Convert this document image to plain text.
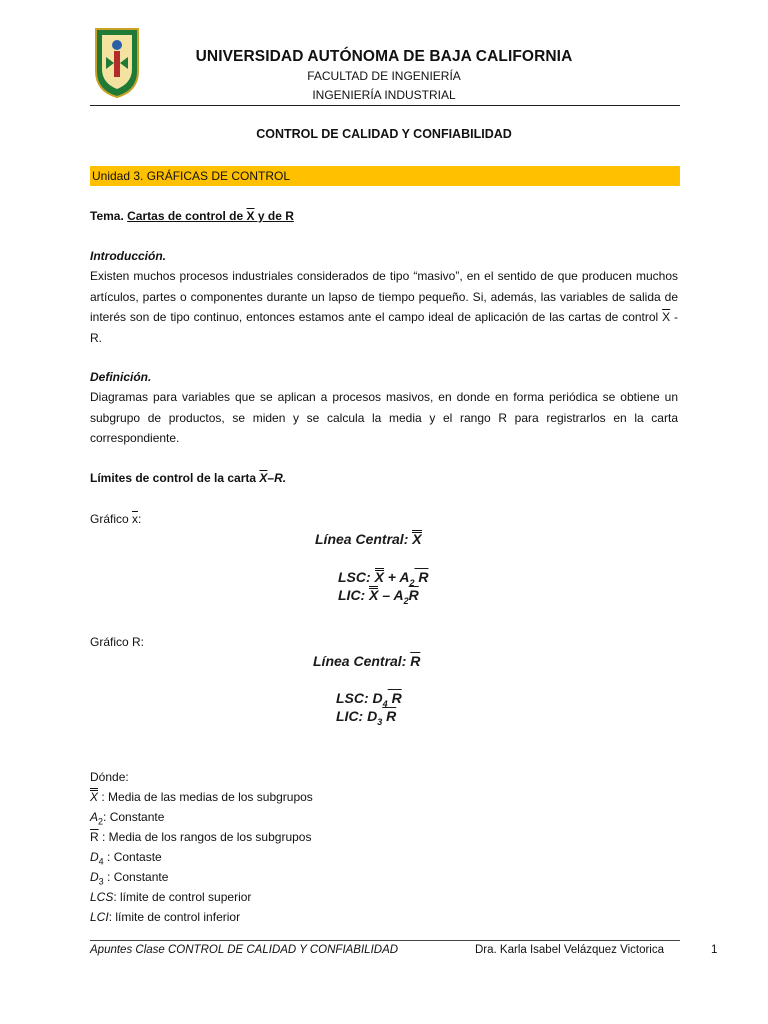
UNIVERSIDAD AUTÓNOMA DE BAJA CALIFORNIA
FACULTAD DE INGENIERÍA
INGENIERÍA INDUSTRIAL
CONTROL DE CALIDAD Y CONFIABILIDAD
Unidad 3. GRÁFICAS DE CONTROL
Tema. Cartas de control de X y de R
Introducción.
Existen muchos procesos industriales considerados de tipo “masivo”, en el sentido de que producen muchos artículos, partes o componentes durante un lapso de tiempo pequeño. Si, además, las variables de salida de interés son de tipo continuo, entonces estamos ante el campo ideal de aplicación de las cartas de control $\overline{X}$ -R.
Definición.
Diagramas para variables que se aplican a procesos masivos, en donde en forma periódica se obtiene un subgrupo de productos, se miden y se calcula la media y el rango R para registrarlos en la carta correspondiente.
Límites de control de la carta $\overline{X}-R$.
Gráfico $\overline{x}$:
Línea Central: X
LSC: $X + A_2$ R
LIC: X – $A_2\overline{R}$
Gráfico R:
Línea Central: $\overline{R}$
LSC: $D_4$ R
LIC: $D_3$ R
Dónde:
X : Media de las medias de los subgrupos
$A_2$: Constante
$\overline{R}$ : Media de los rangos de los subgrupos
$D_4$ : Contaste
$D_3$ : Constante
LCS: límite de control superior
LCI: límite de control inferior
Apuntes Clase CONTROL DE CALIDAD Y CONFIABILIDAD	Dra. Karla Isabel Velázquez Victorica	1
